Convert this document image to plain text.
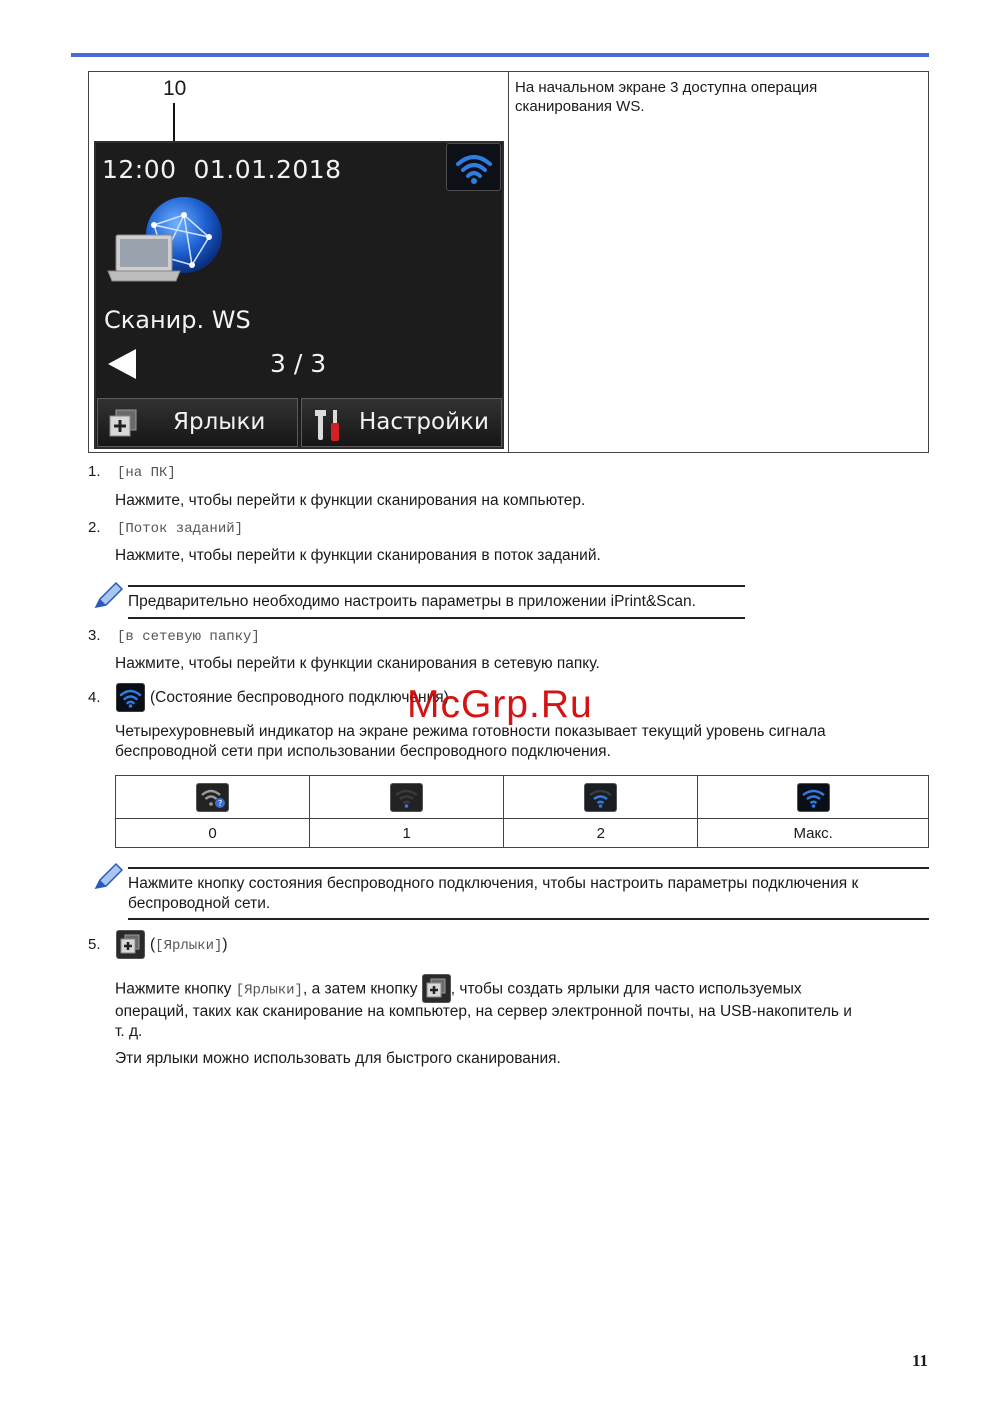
10
12:00 01.01.2018
Сканир. WS
3 / 3
Ярлыки	Настройки
На начальном экране 3 доступна операция сканирования WS.
1. [на ПК]
Нажмите, чтобы перейти к функции сканирования на компьютер.
2. [Поток заданий]
Нажмите, чтобы перейти к функции сканирования в поток заданий.
Предварительно необходимо настроить параметры в приложении iPrint&Scan.
3. [в сетевую папку]
Нажмите, чтобы перейти к функции сканирования в сетевую папку.
4.	(Состояние беспроводного подключения)
Четырехуровневый индикатор на экране режима готовности показывает текущий уровень сигнала беспроводной сети при использовании беспроводного подключения.
McGrp.Ru
?

0	1	2	Макс.
Нажмите кнопку состояния беспроводного подключения, чтобы настроить параметры подключения к беспроводной сети.
5.	([Ярлыки])
Нажмите кнопку [Ярлыки], а затем кнопку , чтобы создать ярлыки для часто используемых
операций, таких как сканирование на компьютер, на сервер электронной почты, на USB-накопитель и
т. д.
Эти ярлыки можно использовать для быстрого сканирования.
11
